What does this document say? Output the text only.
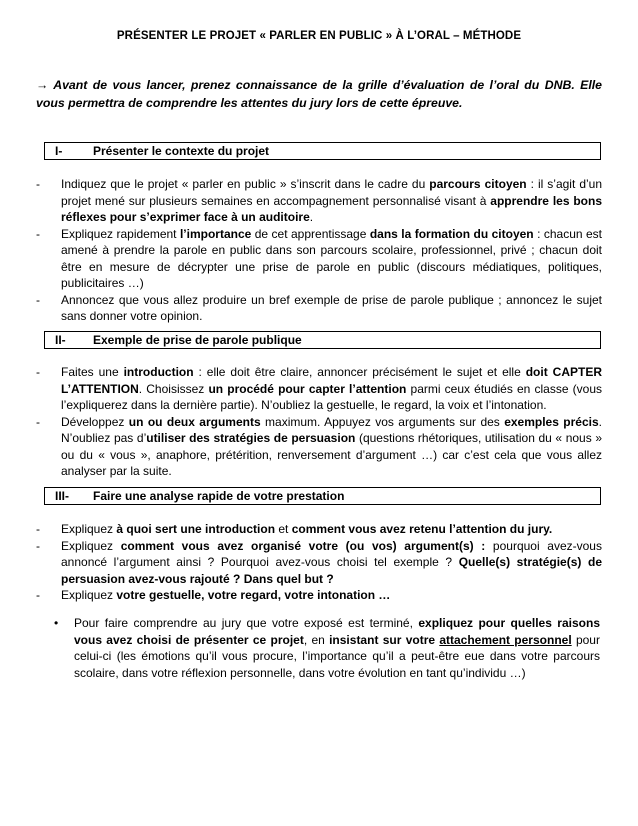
PRÉSENTER LE PROJET « PARLER EN PUBLIC » À L’ORAL – MÉTHODE
→ Avant de vous lancer, prenez connaissance de la grille d’évaluation de l’oral du DNB. Elle vous permettra de comprendre les attentes du jury lors de cette épreuve.
I-	Présenter le contexte du projet
- Indiquez que le projet « parler en public » s’inscrit dans le cadre du parcours citoyen : il s’agit d’un projet mené sur plusieurs semaines en accompagnement personnalisé visant à apprendre les bons réflexes pour s’exprimer face à un auditoire.
- Expliquez rapidement l’importance de cet apprentissage dans la formation du citoyen : chacun est amené à prendre la parole en public dans son parcours scolaire, professionnel, privé ; chacun doit être en mesure de décrypter une prise de parole en public (discours médiatiques, politiques, publicitaires …)
- Annoncez que vous allez produire un bref exemple de prise de parole publique ; annoncez le sujet sans donner votre opinion.
II- Exemple de prise de parole publique
- Faites une introduction : elle doit être claire, annoncer précisément le sujet et elle doit CAPTER L’ATTENTION. Choisissez un procédé pour capter l’attention parmi ceux étudiés en classe (vous l’expliquerez dans la dernière partie). N’oubliez la gestuelle, le regard, la voix et l’intonation.
- Développez un ou deux arguments maximum. Appuyez vos arguments sur des exemples précis. N’oubliez pas d’utiliser des stratégies de persuasion (questions rhétoriques, utilisation du « nous » ou du « vous », anaphore, prétérition, renversement d’argument …) car c’est cela que vous allez analyser par la suite.
III- Faire une analyse rapide de votre prestation
- Expliquez à quoi sert une introduction et comment vous avez retenu l’attention du jury.
- Expliquez comment vous avez organisé votre (ou vos) argument(s) : pourquoi avez-vous annoncé l’argument ainsi ? Pourquoi avez-vous choisi tel exemple ? Quelle(s) stratégie(s) de persuasion avez-vous rajouté ? Dans quel but ?
- Expliquez votre gestuelle, votre regard, votre intonation …
• Pour faire comprendre au jury que votre exposé est terminé, expliquez pour quelles raisons vous avez choisi de présenter ce projet, en insistant sur votre attachement personnel pour celui-ci (les émotions qu’il vous procure, l’importance qu’il a peut-être eue dans votre parcours scolaire, dans votre réflexion personnelle, dans votre évolution en tant qu’individu …)
